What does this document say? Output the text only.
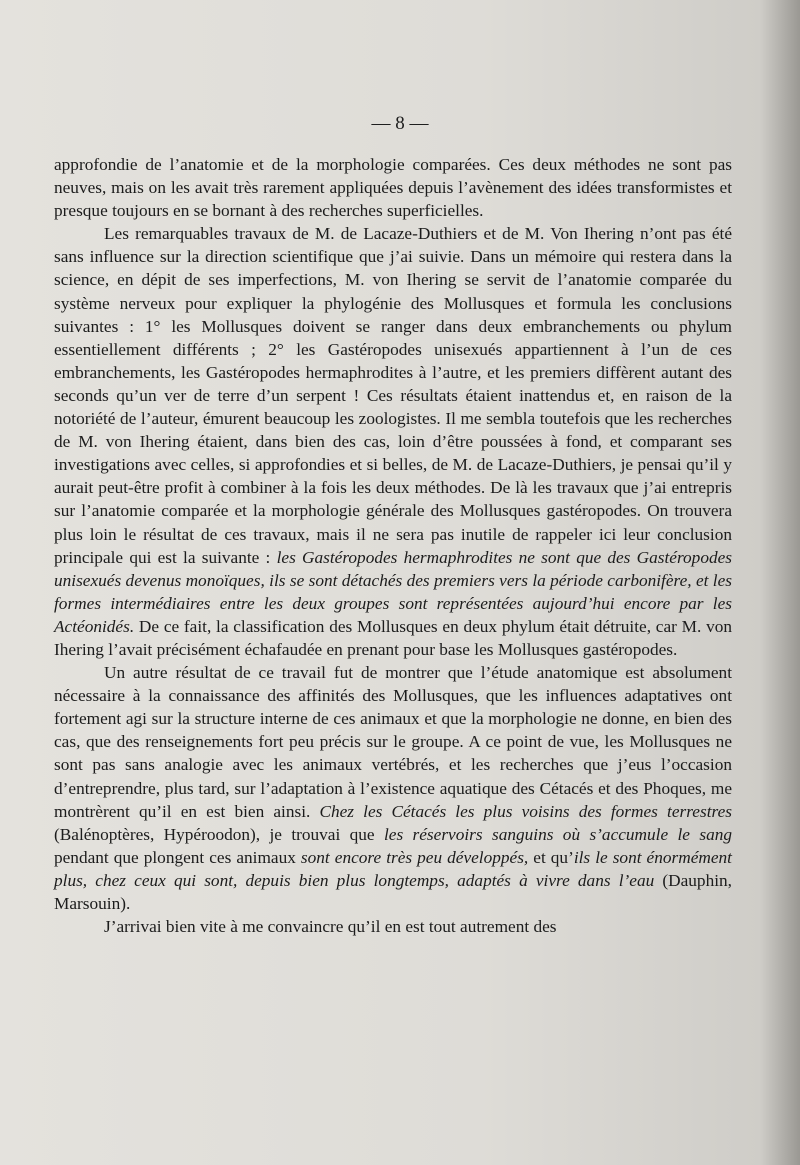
— 8 —

approfondie de l’anatomie et de la morphologie comparées. Ces deux méthodes ne sont pas neuves, mais on les avait très rarement appliquées depuis l’avènement des idées transformistes et presque toujours en se bornant à des recherches superficielles.

Les remarquables travaux de M. de Lacaze-Duthiers et de M. Von Ihering n’ont pas été sans influence sur la direction scientifique que j’ai suivie. Dans un mémoire qui restera dans la science, en dépit de ses imperfections, M. von Ihering se servit de l’anatomie comparée du système nerveux pour expliquer la phylogénie des Mollusques et formula les conclusions suivantes : 1° les Mollusques doivent se ranger dans deux embranchements ou phylum essentiellement différents ; 2° les Gastéropodes unisexués appartiennent à l’un de ces embranchements, les Gastéropodes hermaphrodites à l’autre, et les premiers diffèrent autant des seconds qu’un ver de terre d’un serpent ! Ces résultats étaient inattendus et, en raison de la notoriété de l’auteur, émurent beaucoup les zoologistes. Il me sembla toutefois que les recherches de M. von Ihering étaient, dans bien des cas, loin d’être poussées à fond, et comparant ses investigations avec celles, si approfondies et si belles, de M. de Lacaze-Duthiers, je pensai qu’il y aurait peut-être profit à combiner à la fois les deux méthodes. De là les travaux que j’ai entrepris sur l’anatomie comparée et la morphologie générale des Mollusques gastéropodes. On trouvera plus loin le résultat de ces travaux, mais il ne sera pas inutile de rappeler ici leur conclusion principale qui est la suivante : les Gastéropodes hermaphrodites ne sont que des Gastéropodes unisexués devenus monoïques, ils se sont détachés des premiers vers la période carbonifère, et les formes intermédiaires entre les deux groupes sont représentées aujourd’hui encore par les Actéonidés. De ce fait, la classification des Mollusques en deux phylum était détruite, car M. von Ihering l’avait précisément échafaudée en prenant pour base les Mollusques gastéropodes.

Un autre résultat de ce travail fut de montrer que l’étude anatomique est absolument nécessaire à la connaissance des affinités des Mollusques, que les influences adaptatives ont fortement agi sur la structure interne de ces animaux et que la morphologie ne donne, en bien des cas, que des renseignements fort peu précis sur le groupe. A ce point de vue, les Mollusques ne sont pas sans analogie avec les animaux vertébrés, et les recherches que j’eus l’occasion d’entreprendre, plus tard, sur l’adaptation à l’existence aquatique des Cétacés et des Phoques, me montrèrent qu’il en est bien ainsi. Chez les Cétacés les plus voisins des formes terrestres (Balénoptères, Hypéroodon), je trouvai que les réservoirs sanguins où s’accumule le sang pendant que plongent ces animaux sont encore très peu développés, et qu’ils le sont énormément plus, chez ceux qui sont, depuis bien plus longtemps, adaptés à vivre dans l’eau (Dauphin, Marsouin).

J’arrivai bien vite à me convaincre qu’il en est tout autrement des
